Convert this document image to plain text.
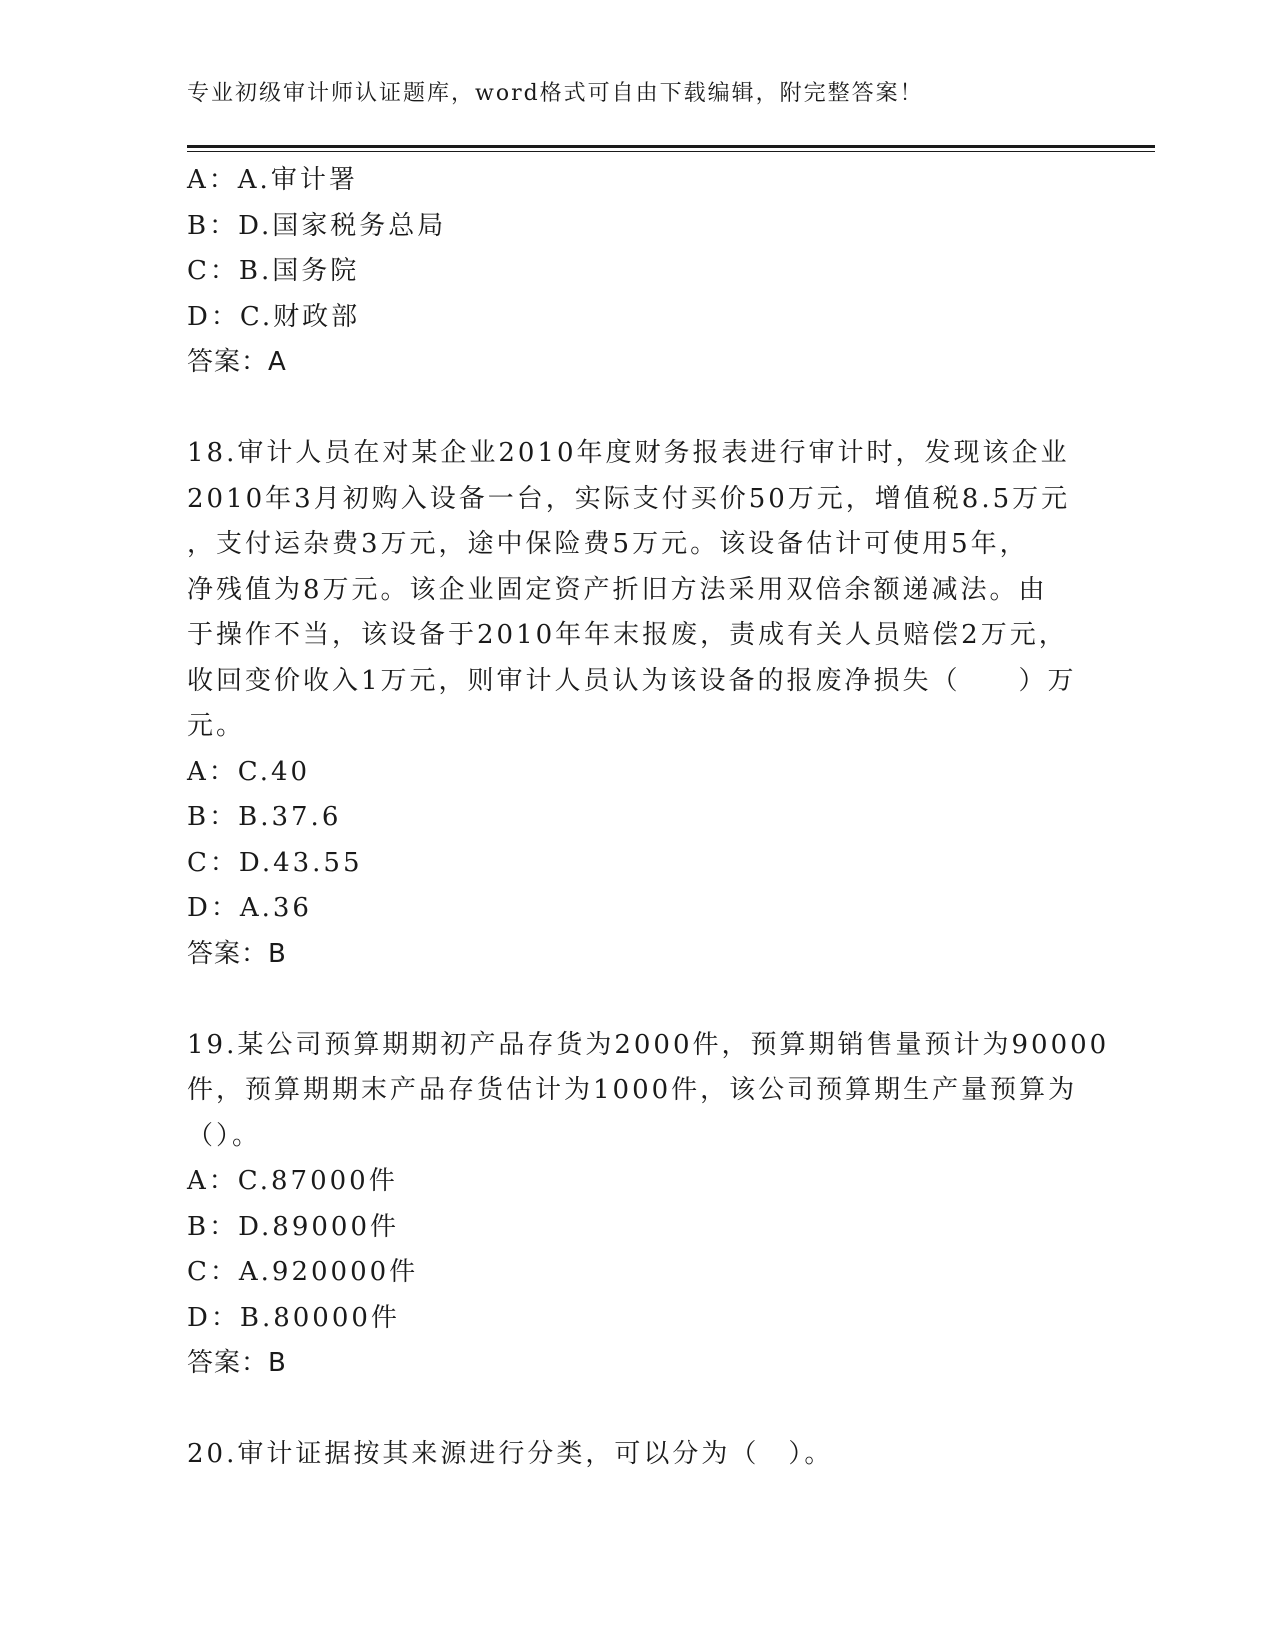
专业初级审计师认证题库，word格式可自由下载编辑，附完整答案！
A：A.审计署
B：D.国家税务总局
C：B.国务院
D：C.财政部
答案：A
18.审计人员在对某企业2010年度财务报表进行审计时，发现该企业
2010年3月初购入设备一台，实际支付买价50万元，增值税8.5万元
，支付运杂费3万元，途中保险费5万元。该设备估计可使用5年，
净残值为8万元。该企业固定资产折旧方法采用双倍余额递减法。由
于操作不当，该设备于2010年年末报废，责成有关人员赔偿2万元，
收回变价收入1万元，则审计人员认为该设备的报废净损失（　　）万
元。
A：C.40
B：B.37.6
C：D.43.55
D：A.36
答案：B
19.某公司预算期期初产品存货为2000件，预算期销售量预计为90000
件，预算期期末产品存货估计为1000件，该公司预算期生产量预算为
（）。
A：C.87000件
B：D.89000件
C：A.920000件
D：B.80000件
答案：B
20.审计证据按其来源进行分类，可以分为（　）。
